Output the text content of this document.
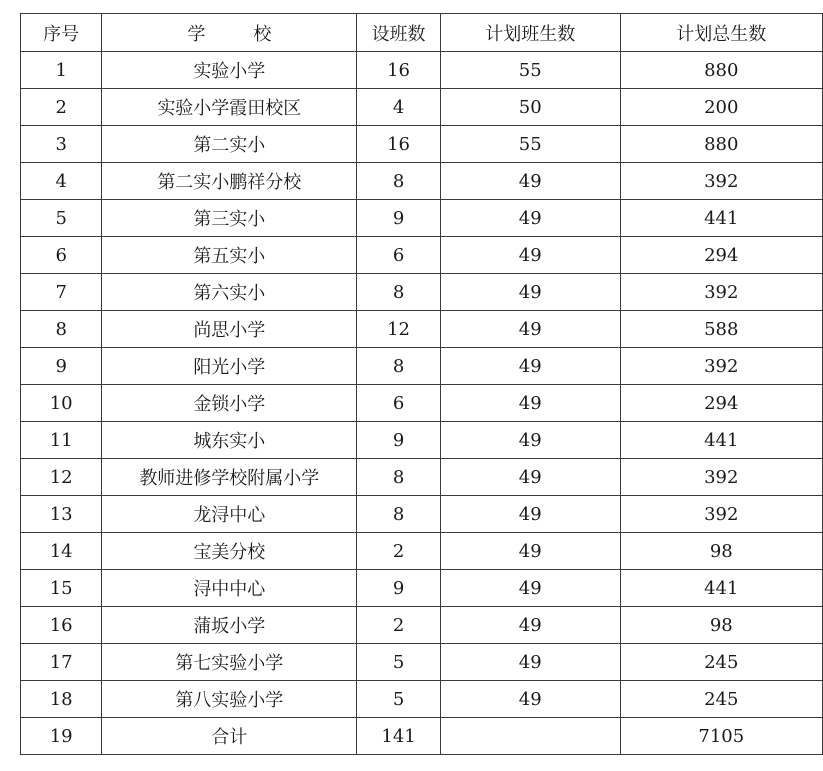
序号	学 校	设班数	计划班生数	计划总生数
1	实验小学	16	55	880
2	实验小学霞田校区	4	50	200
3	第二实小	16	55	880
4	第二实小鹏祥分校	8	49	392
5	第三实小	9	49	441
6	第五实小	6	49	294
7	第六实小	8	49	392
8	尚思小学	12	49	588
9	阳光小学	8	49	392
10	金锁小学	6	49	294
11	城东实小	9	49	441
12	教师进修学校附属小学	8	49	392
13	龙浔中心	8	49	392
14	宝美分校	2	49	98
15	浔中中心	9	49	441
16	蒲坂小学	2	49	98
17	第七实验小学	5	49	245
18	第八实验小学	5	49	245
19	合计	141		7105
